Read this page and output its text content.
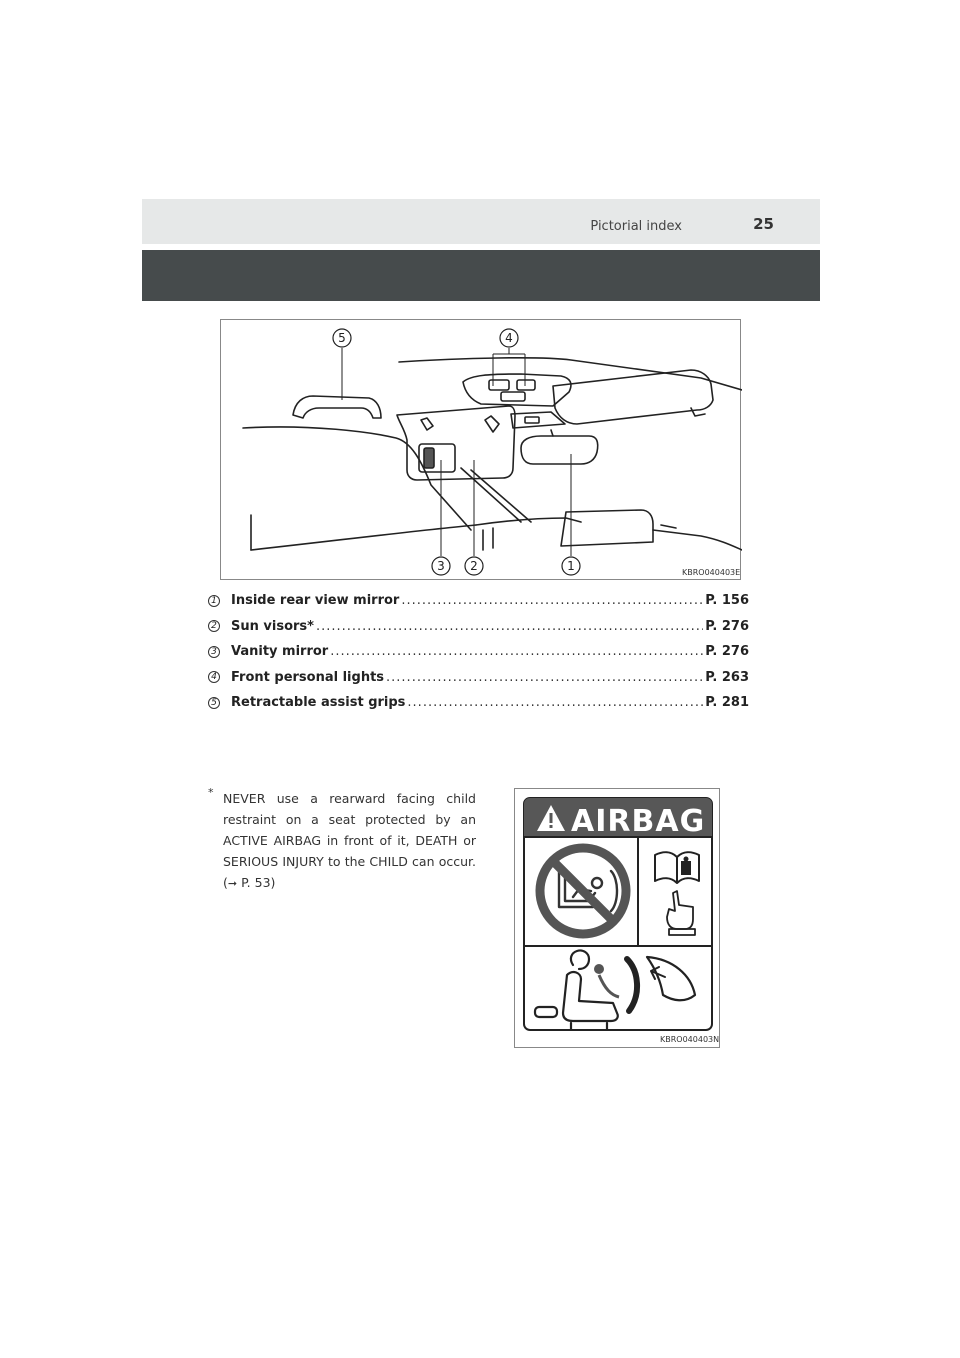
Pictorial index	25
5	4
3 2	1	KBRO040403E
1 Inside rear view mirror .....	P. 156
2 Sun visors* .....	P. 276
3 Vanity mirror .....	P. 276
4 Front personal lights .....	P. 263
5 Retractable assist grips .....	P. 281
* NEVER use a rearward facing child restraint on a seat protected by an ACTIVE AIRBAG in front of it, DEATH or SERIOUS INJURY to the CHILD can occur. (➞ P. 53)
AIRBAG
KBRO040403N
